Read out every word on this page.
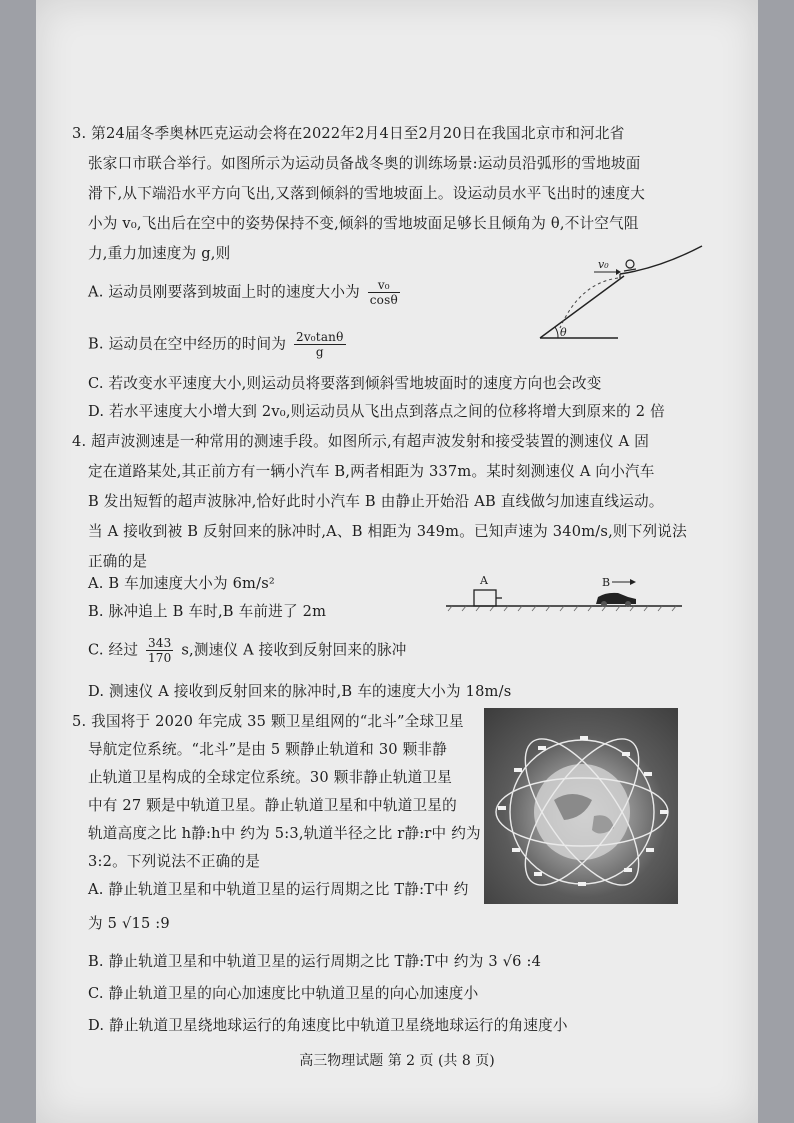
3. 第24届冬季奥林匹克运动会将在2022年2月4日至2月20日在我国北京市和河北省
张家口市联合举行。如图所示为运动员备战冬奥的训练场景:运动员沿弧形的雪地坡面
滑下,从下端沿水平方向飞出,又落到倾斜的雪地坡面上。设运动员水平飞出时的速度大
小为 v₀,飞出后在空中的姿势保持不变,倾斜的雪地坡面足够长且倾角为 θ,不计空气阻
力,重力加速度为 g,则
A. 运动员刚要落到坡面上时的速度大小为 $\frac{\text{v₀}}{\cos\theta}$
B. 运动员在空中经历的时间为 $\frac{\text{2v₀tanθ}}{g}$
C. 若改变水平速度大小,则运动员将要落到倾斜雪地坡面时的速度方向也会改变
D. 若水平速度大小增大到 2v₀,则运动员从飞出点到落点之间的位移将增大到原来的 2 倍
v₀
θ
4. 超声波测速是一种常用的测速手段。如图所示,有超声波发射和接受装置的测速仪 A 固
定在道路某处,其正前方有一辆小汽车 B,两者相距为 337m。某时刻测速仪 A 向小汽车
B 发出短暂的超声波脉冲,恰好此时小汽车 B 由静止开始沿 AB 直线做匀加速直线运动。
当 A 接收到被 B 反射回来的脉冲时,A、B 相距为 349m。已知声速为 340m/s,则下列说法
正确的是
A. B 车加速度大小为 6m/s²
B. 脉冲追上 B 车时,B 车前进了 2m
C. 经过 $\frac{343}{170} s$,测速仪 A 接收到反射回来的脉冲
D. 测速仪 A 接收到反射回来的脉冲时,B 车的速度大小为 18m/s
A	B
5. 我国将于 2020 年完成 35 颗卫星组网的“北斗”全球卫星
导航定位系统。“北斗”是由 5 颗静止轨道和 30 颗非静
止轨道卫星构成的全球定位系统。30 颗非静止轨道卫星
中有 27 颗是中轨道卫星。静止轨道卫星和中轨道卫星的
轨道高度之比 h静:h中 约为 5:3,轨道半径之比 r静:r中 约为
3:2。下列说法不正确的是
A. 静止轨道卫星和中轨道卫星的运行周期之比 T静:T中 约
为 5 √15 :9
B. 静止轨道卫星和中轨道卫星的运行周期之比 T静:T中 约为 3 √6 :4
C. 静止轨道卫星的向心加速度比中轨道卫星的向心加速度小
D. 静止轨道卫星绕地球运行的角速度比中轨道卫星绕地球运行的角速度小
高三物理试题 第 2 页 (共 8 页)
